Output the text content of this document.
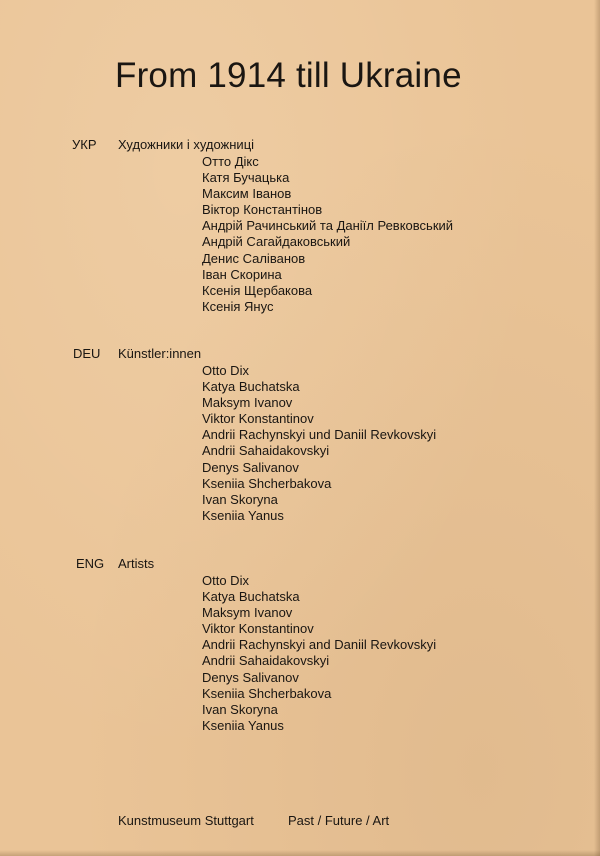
From 1914 till Ukraine
УКР Художники і художниці
Отто Дікс
Катя Бучацька
Максим Іванов
Віктор Константінов
Андрій Рачинський та Даніїл Ревковський
Андрій Сагайдаковський
Денис Саліванов
Іван Скорина
Ксенія Щербакова
Ксенія Янус
DEU Künstler:innen
Otto Dix
Katya Buchatska
Maksym Ivanov
Viktor Konstantinov
Andrii Rachynskyi und Daniil Revkovskyi
Andrii Sahaidakovskyi
Denys Salivanov
Kseniia Shcherbakova
Ivan Skoryna
Kseniia Yanus
ENG Artists
Otto Dix
Katya Buchatska
Maksym Ivanov
Viktor Konstantinov
Andrii Rachynskyi and Daniil Revkovskyi
Andrii Sahaidakovskyi
Denys Salivanov
Kseniia Shcherbakova
Ivan Skoryna
Kseniia Yanus
Kunstmuseum Stuttgart	Past / Future / Art
